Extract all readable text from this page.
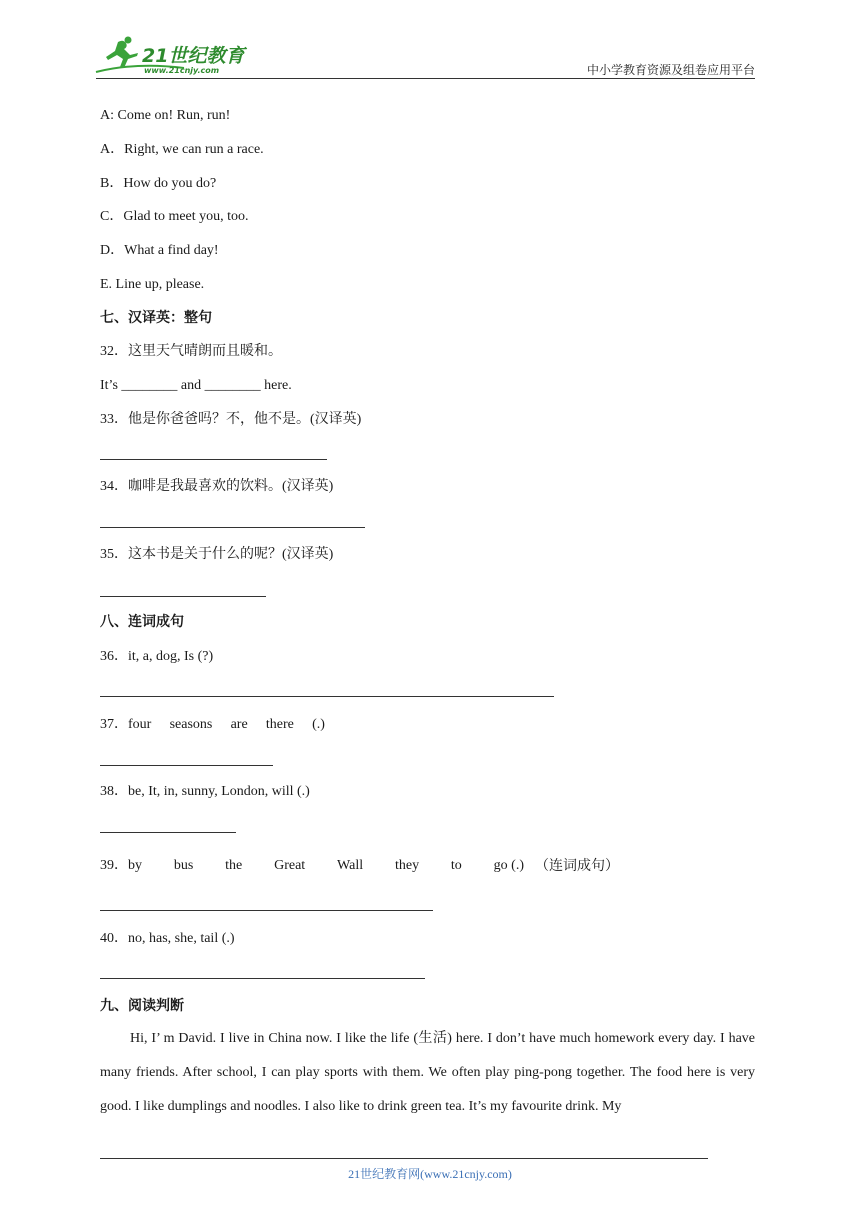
21世纪教育
www.21cnjy.com	中小学教育资源及组卷应用平台
A: Come on! Run, run!
A．Right, we can run a race.
B．How do you do?
C．Glad to meet you, too.
D．What a find day!
E. Line up, please.
七、汉译英：整句
32．这里天气晴朗而且暖和。
It’s ________ and ________ here.
33．他是你爸爸吗？不，他不是。(汉译英)
34．咖啡是我最喜欢的饮料。(汉译英)
35．这本书是关于什么的呢？(汉译英)
八、连词成句
36．it, a, dog, Is (?)
37．four seasons are there (.)
38．be, It, in, sunny, London, will (.)
39．by bus the Great Wall they to go (.) （连词成句）
40．no, has, she, tail (.)
九、阅读判断
Hi, I’ m David. I live in China now. I like the life (生活) here. I don’t have much homework every day. I have many friends. After school, I can play sports with them. We often play ping-pong together. The food here is very good. I like dumplings and noodles. I also like to drink green tea. It’s my favourite drink. My
21世纪教育网(www.21cnjy.com)
